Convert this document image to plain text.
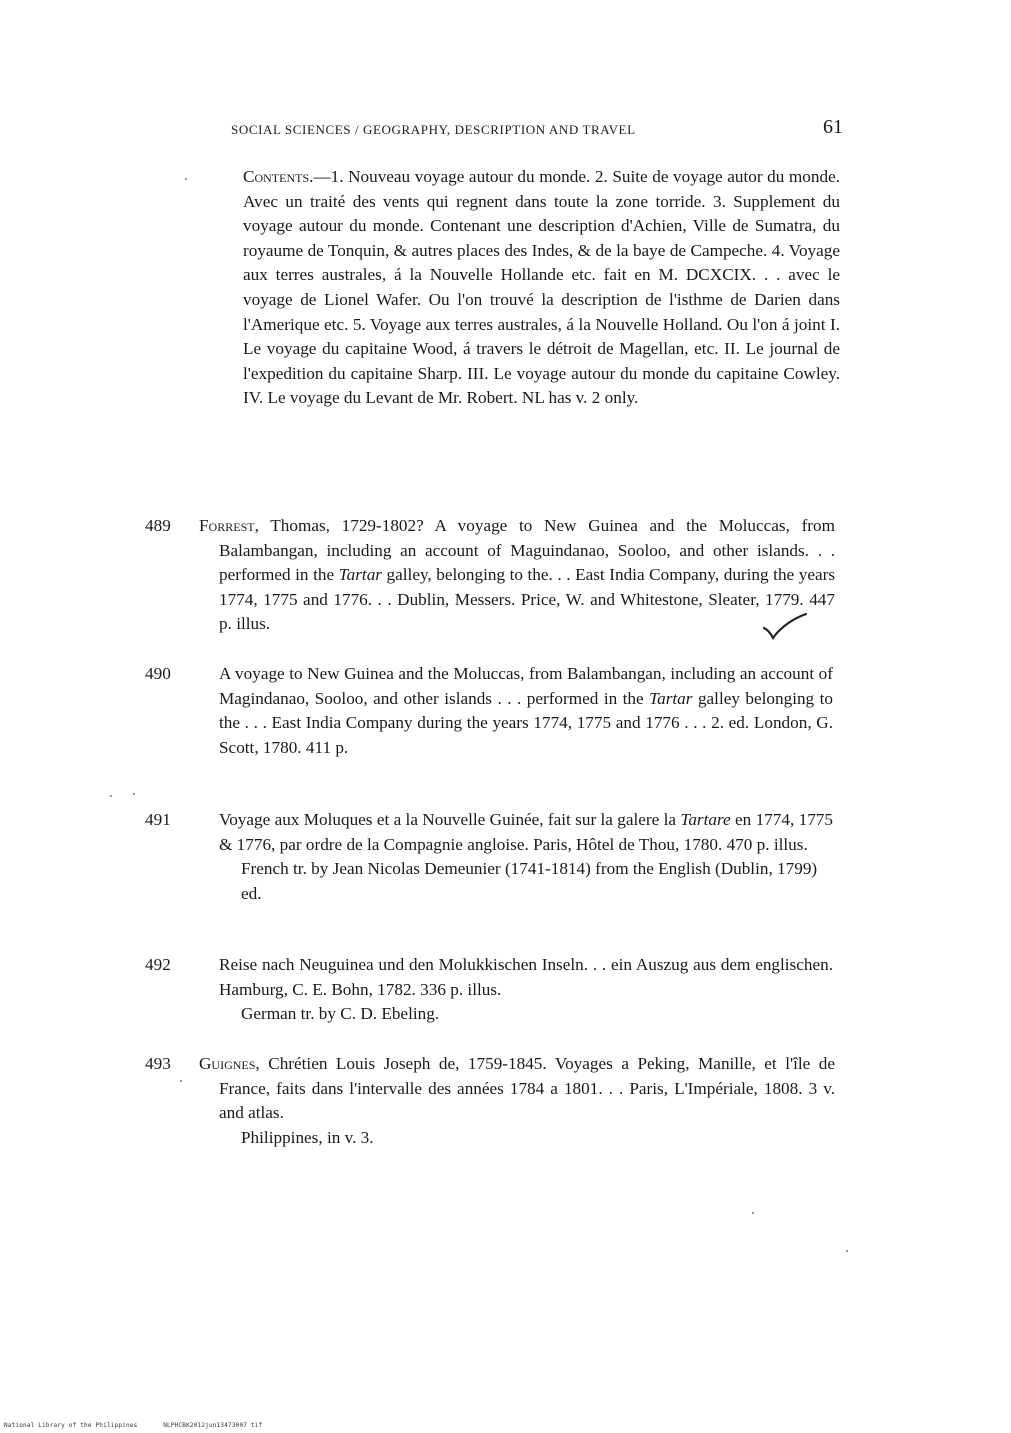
SOCIAL SCIENCES / GEOGRAPHY, DESCRIPTION AND TRAVEL	61
Contents.—1. Nouveau voyage autour du monde. 2. Suite de voyage autor du monde. Avec un traité des vents qui regnent dans toute la zone torride. 3. Supplement du voyage autour du monde. Contenant une description d'Achien, Ville de Sumatra, du royaume de Tonquin, & autres places des Indes, & de la baye de Campeche. 4. Voyage aux terres australes, á la Nouvelle Hollande etc. fait en M. DCXCIX. . . avec le voyage de Lionel Wafer. Ou l'on trouvé la description de l'isthme de Darien dans l'Amerique etc. 5. Voyage aux terres australes, á la Nouvelle Holland. Ou l'on á joint I. Le voyage du capitaine Wood, á travers le détroit de Magellan, etc. II. Le journal de l'expedition du capitaine Sharp. III. Le voyage autour du monde du capitaine Cowley. IV. Le voyage du Levant de Mr. Robert. NL has v. 2 only.
489 Forrest, Thomas, 1729-1802? A voyage to New Guinea and the Moluccas, from Balambangan, including an account of Maguindanao, Sooloo, and other islands. . . performed in the Tartar galley, belonging to the. . . East India Company, during the years 1774, 1775 and 1776. . . Dublin, Messers. Price, W. and Whitestone, Sleater, 1779. 447 p. illus.
490	A voyage to New Guinea and the Moluccas, from Balambangan, including an account of Magindanao, Sooloo, and other islands . . . performed in the Tartar galley belonging to the . . . East India Company during the years 1774, 1775 and 1776 . . . 2. ed. London, G. Scott, 1780. 411 p.
491	Voyage aux Moluques et a la Nouvelle Guinée, fait sur la galere la Tartare en 1774, 1775 & 1776, par ordre de la Compagnie angloise. Paris, Hôtel de Thou, 1780. 470 p. illus.
French tr. by Jean Nicolas Demeunier (1741-1814) from the English (Dublin, 1799) ed.
492	Reise nach Neuguinea und den Molukkischen Inseln. . . ein Auszug aus dem englischen. Hamburg, C. E. Bohn, 1782. 336 p. illus.
German tr. by C. D. Ebeling.
493 Guignes, Chrétien Louis Joseph de, 1759-1845. Voyages a Peking, Manille, et l'île de France, faits dans l'intervalle des années 1784 a 1801. . . Paris, L'Impériale, 1808. 3 v. and atlas.
Philippines, in v. 3.
National Library of the Philippines	NLPHCBK2012jun13473007 tif
